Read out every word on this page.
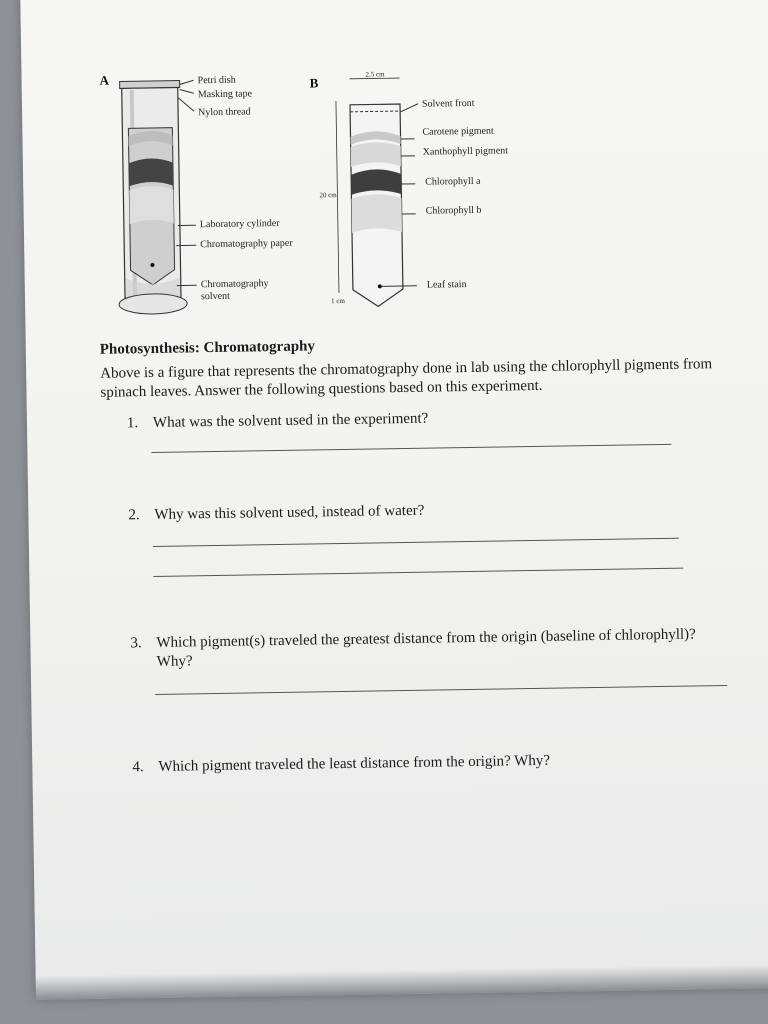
A	B
Petri dish
Masking tape
Nylon thread
Laboratory cylinder
Chromatography paper
Chromatography
solvent
2.5 cm
20 cm
1 cm
Solvent front
Carotene pigment
Xanthophyll pigment
Chlorophyll a
Chlorophyll b
Leaf stain
Photosynthesis: Chromatography
Above is a figure that represents the chromatography done in lab using the chlorophyll pigments from spinach leaves. Answer the following questions based on this experiment.
1. What was the solvent used in the experiment?
2. Why was this solvent used, instead of water?
3. Which pigment(s) traveled the greatest distance from the origin (baseline of chlorophyll)?
Why?
4. Which pigment traveled the least distance from the origin? Why?
